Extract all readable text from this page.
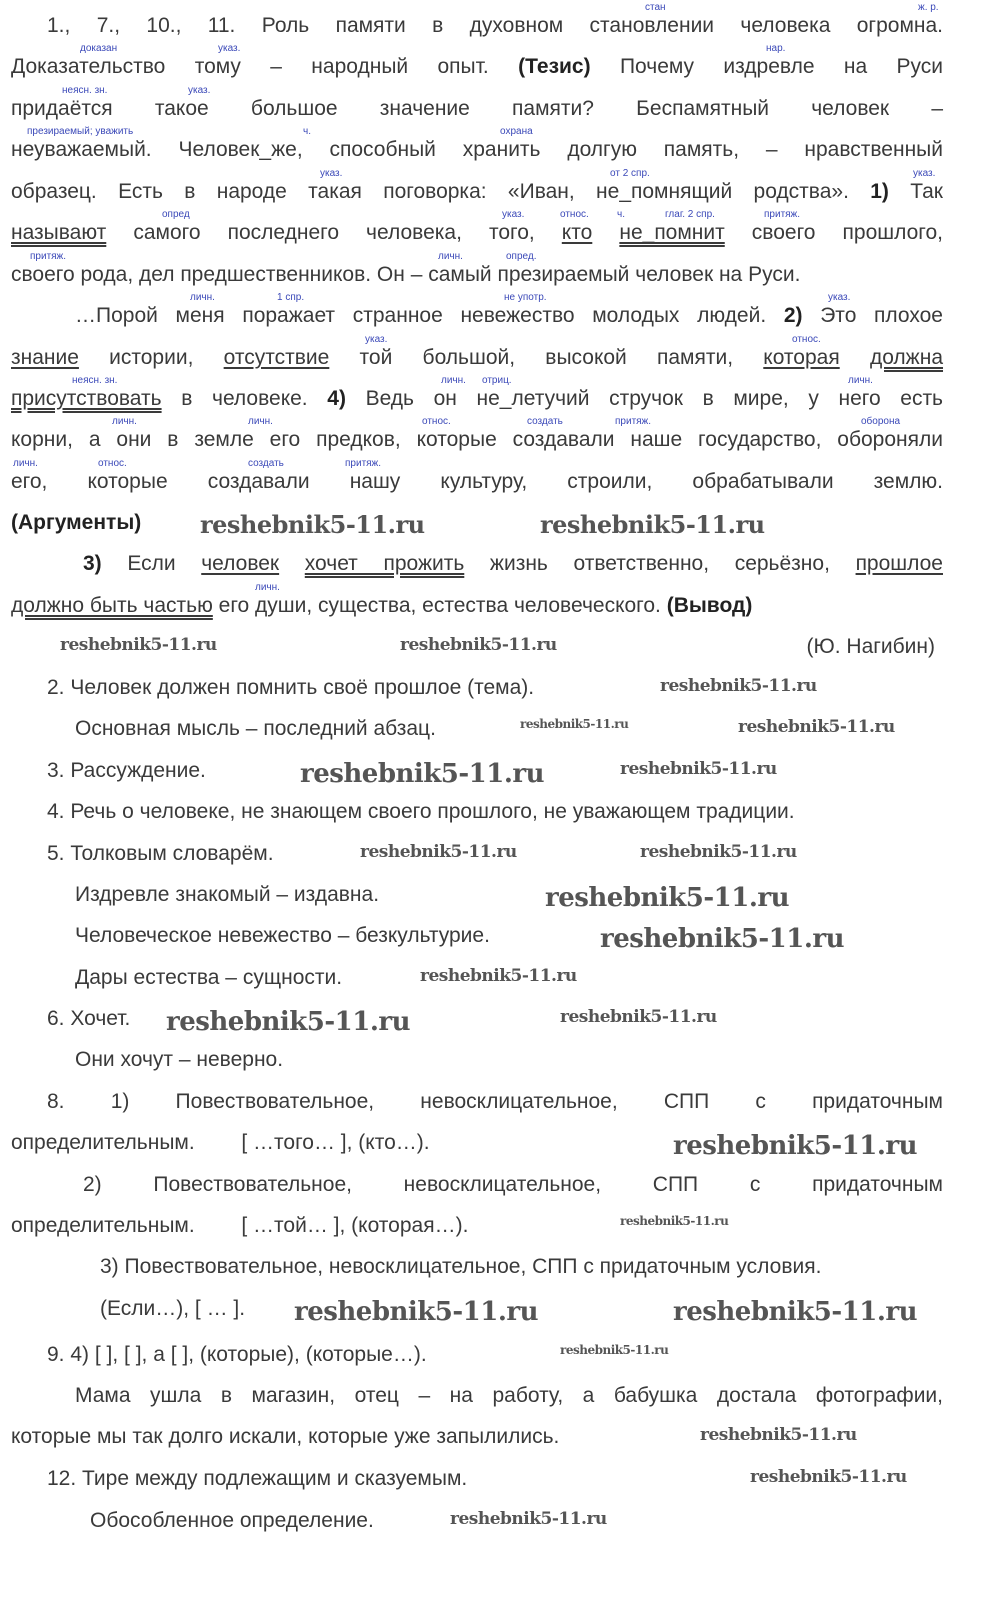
1., 7., 10., 11. Роль памяти в духовном становлении человека огромна.
Доказательство тому – народный опыт. (Тезис) Почему издревле на Руси
придаётся такое большое значение памяти? Беспамятный человек –
неуважаемый. Человек_же, способный хранить долгую память, – нравственный
образец. Есть в народе такая поговорка: «Иван, не_помнящий родства». 1) Так
называют самого последнего человека, того, кто не_помнит своего прошлого,
своего рода, дел предшественников. Он – самый презираемый человек на Руси.
…Порой меня поражает странное невежество молодых людей. 2) Это плохое
знание истории, отсутствие той большой, высокой памяти, которая должна
присутствовать в человеке. 4) Ведь он не_летучий стручок в мире, у него есть
корни, а они в земле его предков, которые создавали наше государство, обороняли
его, которые создавали нашу культуру, строили, обрабатывали землю.
(Аргументы)
3) Если человек хочет прожить жизнь ответственно, серьёзно, прошлое
должно быть частью его души, существа, естества человеческого. (Вывод)
(Ю. Нагибин)
2. Человек должен помнить своё прошлое (тема).
Основная мысль – последний абзац.
3. Рассуждение.
4. Речь о человеке, не знающем своего прошлого, не уважающем традиции.
5. Толковым словарём.
Издревле знакомый – издавна.
Человеческое невежество – безкультурие.
Дары естества – сущности.
6. Хочет.
Они хочут – неверно.
8. 1) Повествовательное, невосклицательное, СПП с придаточным
определительным.        [ …того… ], (кто…).
2) Повествовательное, невосклицательное, СПП с придаточным
определительным.        [ …той… ], (которая…).
3) Повествовательное, невосклицательное, СПП с придаточным условия.
(Если…), [ … ].
9. 4) [ ], [ ], а [ ], (которые), (которые…).
Мама ушла в магазин, отец – на работу, а бабушка достала фотографии,
которые мы так долго искали, которые уже запылились.
12. Тире между подлежащим и сказуемым.
Обособленное определение.
стан	ж. р.
доказан	указ.	нар.
неясн. зн.	указ.
презираемый; уважить	ч.	охрана
указ.	от 2 спр.	указ.
опред	указ.	относ.	ч.	глаг. 2 спр.	притяж.
притяж.	личн.	опред.
личн.	1 спр.	не употр.	указ.
указ.	относ.
неясн. зн.	личн. отриц.	личн.
личн.	личн.	относ.	создать	притяж.	оборона
личн.	относ.	создать	притяж.
личн.
reshebnik5-11.ru	reshebnik5-11.ru
reshebnik5-11.ru	reshebnik5-11.ru
reshebnik5-11.ru
reshebnik5-11.ru	reshebnik5-11.ru
reshebnik5-11.ru	reshebnik5-11.ru
reshebnik5-11.ru	reshebnik5-11.ru
reshebnik5-11.ru
reshebnik5-11.ru
reshebnik5-11.ru
reshebnik5-11.ru	reshebnik5-11.ru
reshebnik5-11.ru
reshebnik5-11.ru
reshebnik5-11.ru	reshebnik5-11.ru
reshebnik5-11.ru
reshebnik5-11.ru
reshebnik5-11.ru
reshebnik5-11.ru
